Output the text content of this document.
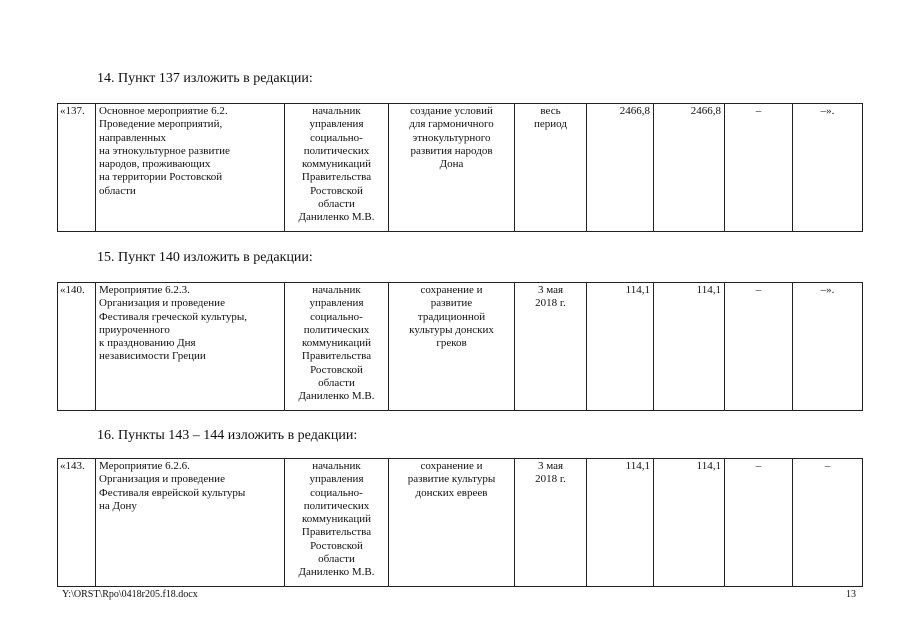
14. Пункт 137 изложить в редакции:
«137.	Основное мероприятие 6.2.
Проведение мероприятий,
направленных
на этнокультурное развитие
народов, проживающих
на территории Ростовской
области	начальник
управления
социально-
политических
коммуникаций
Правительства
Ростовской
области
Даниленко М.В.	создание условий
для гармоничного
этнокультурного
развития народов
Дона	весь
период	2466,8	2466,8	–	–».
15. Пункт 140 изложить в редакции:
«140.	Мероприятие 6.2.3.
Организация и проведение
Фестиваля греческой культуры,
приуроченного
к празднованию Дня
независимости Греции	начальник
управления
социально-
политических
коммуникаций
Правительства
Ростовской
области
Даниленко М.В.	сохранение и
развитие
традиционной
культуры донских
греков	3 мая
2018 г.	114,1	114,1	–	–».
16. Пункты 143 – 144 изложить в редакции:
«143.	Мероприятие 6.2.6.
Организация и проведение
Фестиваля еврейской культуры
на Дону	начальник
управления
социально-
политических
коммуникаций
Правительства
Ростовской
области
Даниленко М.В.	сохранение и
развитие культуры
донских евреев	3 мая
2018 г.	114,1	114,1	–	–
Y:\ORST\Rpo\0418r205.f18.docx	13
